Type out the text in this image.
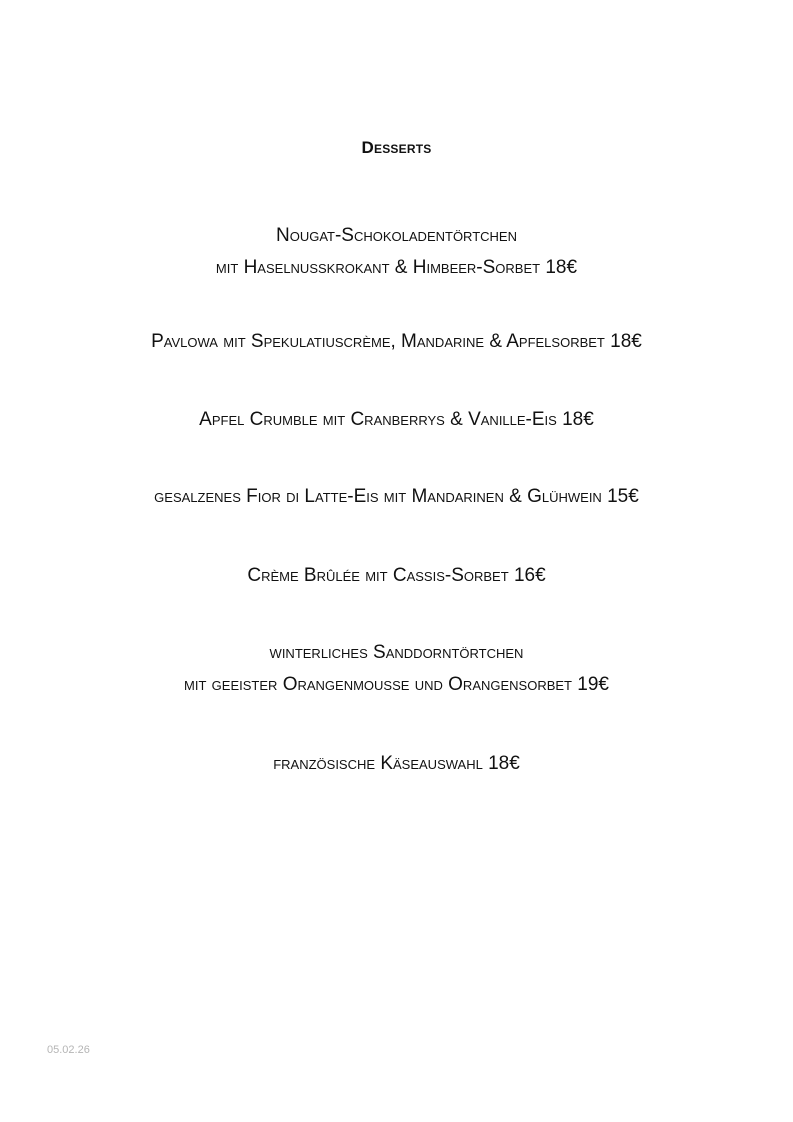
Desserts
Nougat-Schokoladentörtchen
mit Haselnusskrokant & Himbeer-Sorbet 18€
Pavlowa mit Spekulatiuscrème, Mandarine & Apfelsorbet 18€
Apfel Crumble mit Cranberrys & Vanille-Eis 18€
gesalzenes Fior di Latte-Eis mit Mandarinen & Glühwein 15€
Crème Brûlée mit Cassis-Sorbet 16€
winterliches Sanddorntörtchen
mit geeister Orangenmousse und Orangensorbet 19€
französische Käseauswahl 18€

05.02.26
